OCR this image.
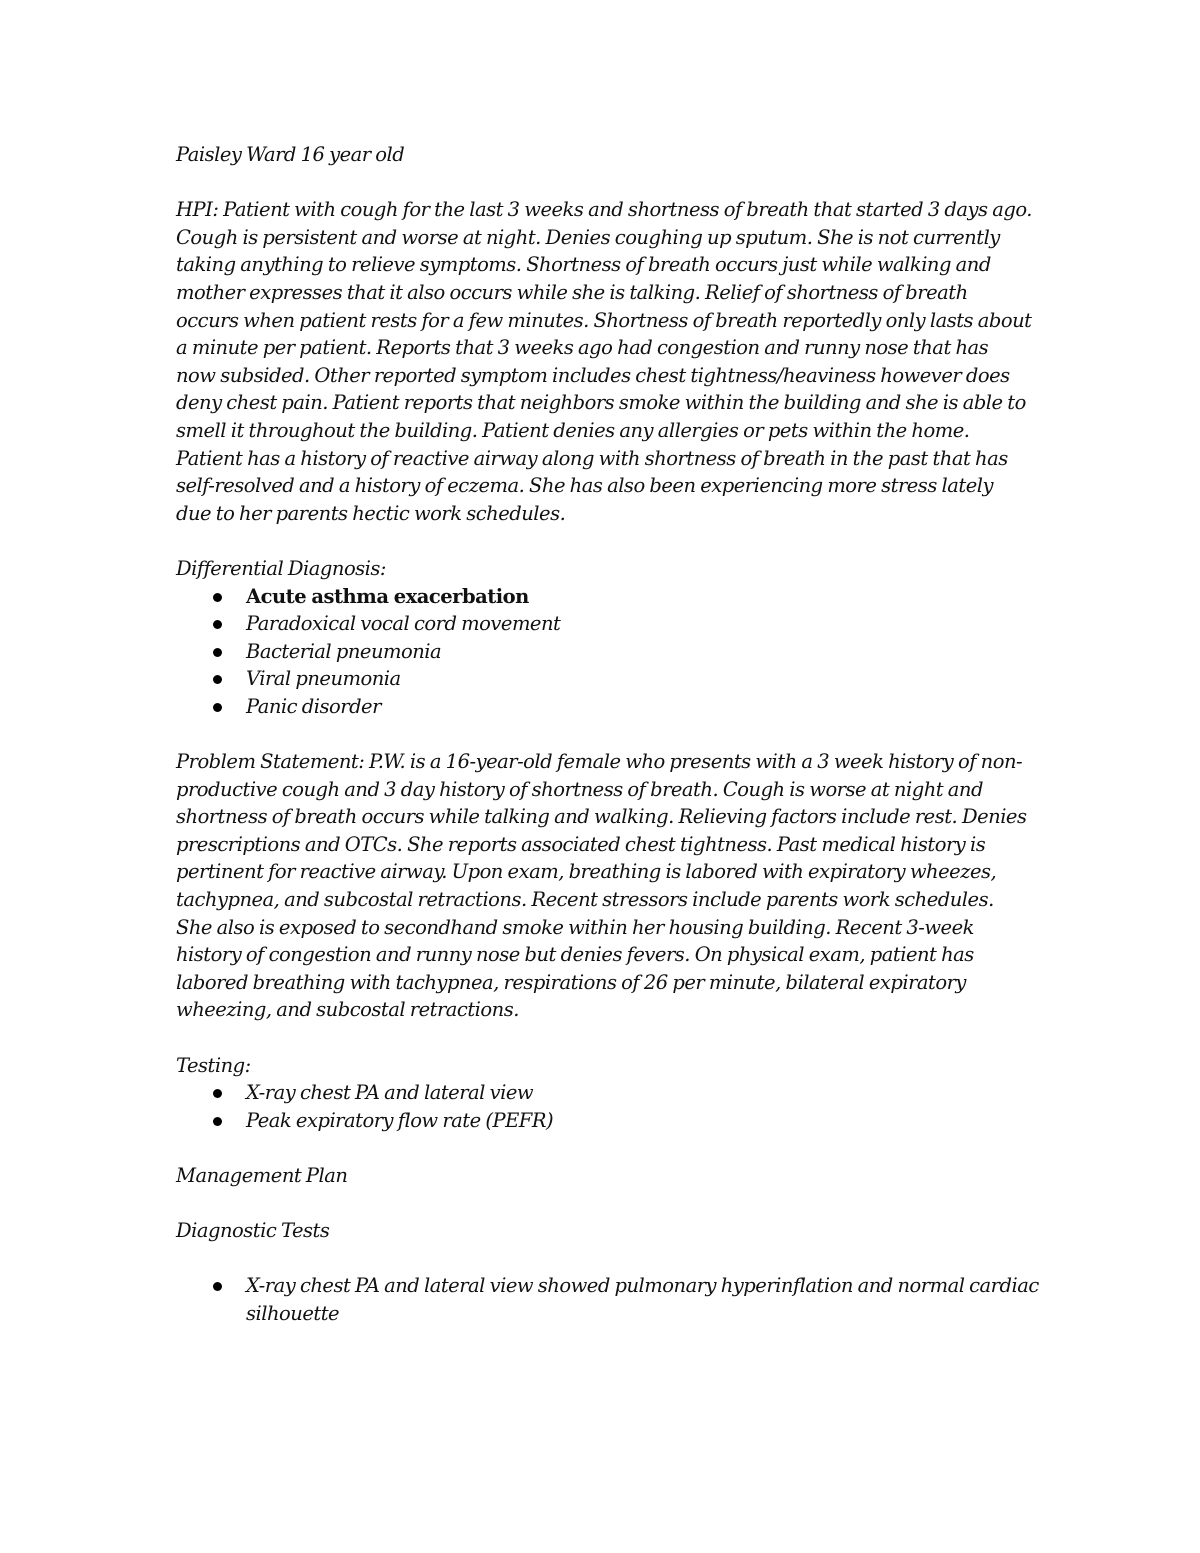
Paisley Ward 16 year old

HPI: Patient with cough for the last 3 weeks and shortness of breath that started 3 days ago. Cough is persistent and worse at night. Denies coughing up sputum. She is not currently taking anything to relieve symptoms. Shortness of breath occurs just while walking and mother expresses that it also occurs while she is talking. Relief of shortness of breath occurs when patient rests for a few minutes. Shortness of breath reportedly only lasts about a minute per patient. Reports that 3 weeks ago had congestion and runny nose that has now subsided. Other reported symptom includes chest tightness/heaviness however does deny chest pain. Patient reports that neighbors smoke within the building and she is able to smell it throughout the building. Patient denies any allergies or pets within the home. Patient has a history of reactive airway along with shortness of breath in the past that has self-resolved and a history of eczema. She has also been experiencing more stress lately due to her parents hectic work schedules.

Differential Diagnosis:

Acute asthma exacerbation
Paradoxical vocal cord movement
Bacterial pneumonia
Viral pneumonia
Panic disorder

Problem Statement: P.W. is a 16-year-old female who presents with a 3 week history of non-productive cough and 3 day history of shortness of breath. Cough is worse at night and shortness of breath occurs while talking and walking. Relieving factors include rest. Denies prescriptions and OTCs. She reports associated chest tightness. Past medical history is pertinent for reactive airway. Upon exam, breathing is labored with expiratory wheezes, tachypnea, and subcostal retractions. Recent stressors include parents work schedules. She also is exposed to secondhand smoke within her housing building. Recent 3-week history of congestion and runny nose but denies fevers. On physical exam, patient has labored breathing with tachypnea, respirations of 26 per minute, bilateral expiratory wheezing, and subcostal retractions.

Testing:

X-ray chest PA and lateral view
Peak expiratory flow rate (PEFR)

Management Plan

Diagnostic Tests

X-ray chest PA and lateral view showed pulmonary hyperinflation and normal cardiac silhouette
